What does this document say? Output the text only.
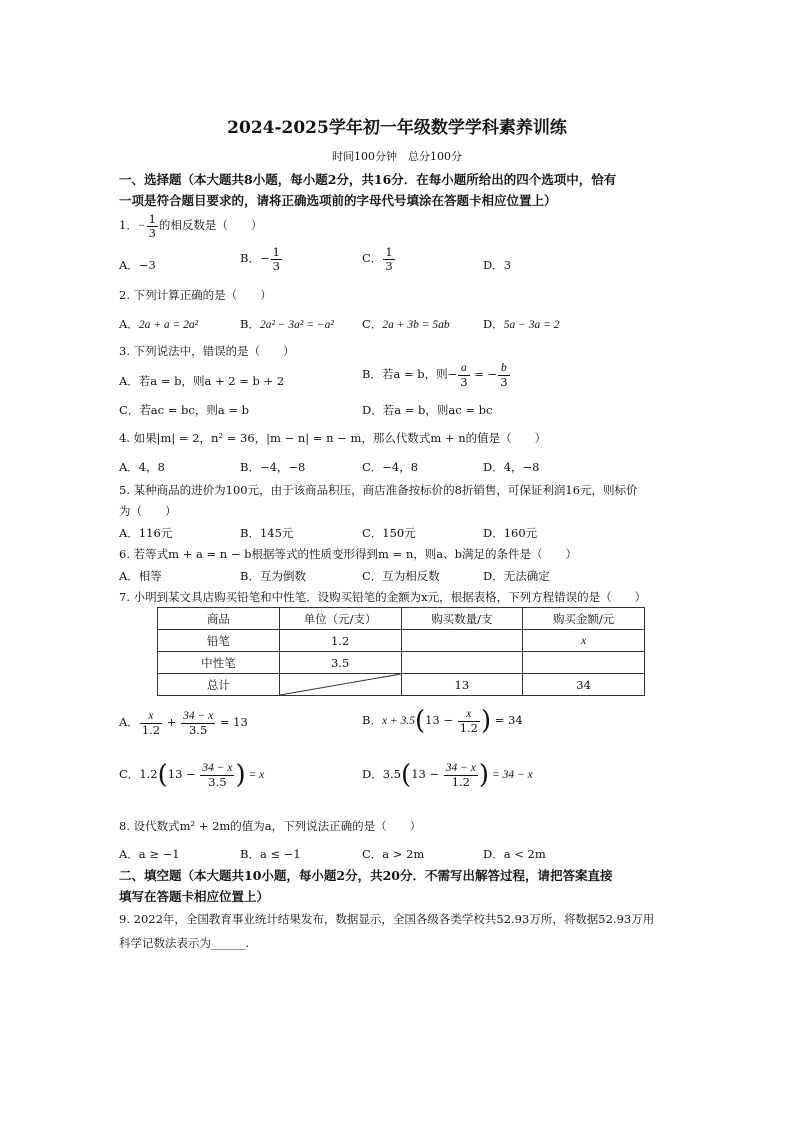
2024-2025学年初一年级数学学科素养训练
时间100分钟　总分100分
一、选择题（本大题共8小题，每小题2分，共16分．在每小题所给出的四个选项中，恰有
一项是符合题目要求的，请将正确选项前的字母代号填涂在答题卡相应位置上）
1．− $\frac{1}{3}$ 的相反数是（　　）
A．−3	B．− $\frac{1}{3}$	C． $\frac{1}{3}$	D．3
2. 下列计算正确的是（　　）
A．2a + a = 2a²	B．2a² − 3a² = −a² C．2a + 3b = 5ab	D．5a − 3a = 2
3. 下列说法中，错误的是（　　）
A．若a = b，则a + 2 = b + 2	B．若a = b，则− $\frac{a}{3}$ = − $\frac{b}{3}$
C．若ac = bc，则a = b	D．若a = b，则ac = bc
4. 如果|m| = 2，n² = 36，|m − n| = n − m，那么代数式m + n的值是（　　）
A．4，8	B．−4，−8	C．−4，8	D．4，−8
5. 某种商品的进价为100元，由于该商品积压，商店准备按标价的8折销售，可保证利润16元，则标价
为（　　）
A．116元	B．145元	C．150元	D．160元
6. 若等式m + a = n − b根据等式的性质变形得到m = n，则a、b满足的条件是（　　）
A．相等	B．互为倒数	C．互为相反数	D．无法确定
7. 小明到某文具店购买铅笔和中性笔．设购买铅笔的金额为x元，根据表格，下列方程错误的是（　　）
商品	单位（元/支）	购买数量/支	购买金额/元
铅笔	1.2		x
中性笔	3.5		
总计		13	34
A． $\frac{x}{1.2} + \frac{34 - x}{3.5} = 13$	B．$x + 3.5(13 - \frac{x}{1.2}$ ) = 34
C．$1.2(13 - \frac{34 - x}{3.5}$ ) = x	D．$3.5(13 - \frac{34 - x}{1.2}$ ) = 34 − x
8. 设代数式m² + 2m的值为a，下列说法正确的是（　　）
A．a ≥ −1	B．a ≤ −1	C．a > 2m	D．a < 2m
二、填空题（本大题共10小题，每小题2分，共20分．不需写出解答过程，请把答案直接
填写在答题卡相应位置上）
9. 2022年，全国教育事业统计结果发布，数据显示，全国各级各类学校共52.93万所，将数据52.93万用
科学记数法表示为______.
